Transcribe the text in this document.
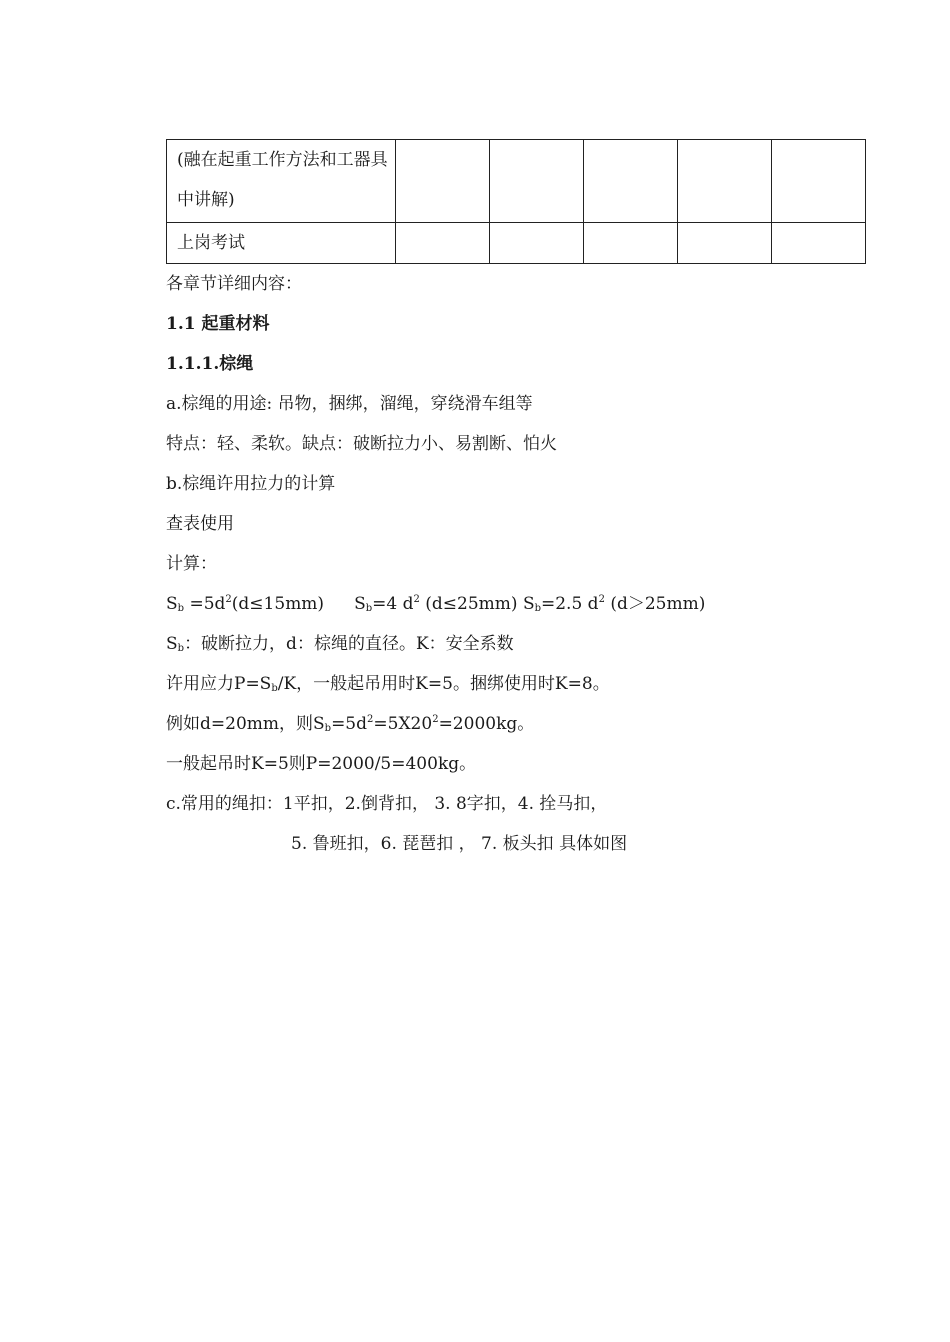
(融在起重工作方法和工器具中讲解)					
上岗考试					
各章节详细内容：
1.1 起重材料
1.1.1.棕绳
a.棕绳的用途: 吊物，捆绑，溜绳，穿绕滑车组等
特点：轻、柔软。缺点：破断拉力小、易割断、怕火
b.棕绳许用拉力的计算
查表使用
计算：
$S_b =5d^2(d\le 15mm)$ $S_b=4$ $d^2$ (d≤25mm) $S_b=2.5$ $d^2$ (d＞25mm)
$S_b$：破断拉力，d：棕绳的直径。K：安全系数
许用应力$P=S_b/K$，一般起吊用时K=5。捆绑使用时K=8。
例如d=20mm，则$S_b=5d^2=5X20^2=2000kg$。
一般起吊时K=5则P=2000/5=400kg。
c.常用的绳扣：1平扣，2.倒背扣， 3. 8字扣，4. 拴马扣，
5. 鲁班扣，6. 琵琶扣 ， 7. 板头扣 具体如图
